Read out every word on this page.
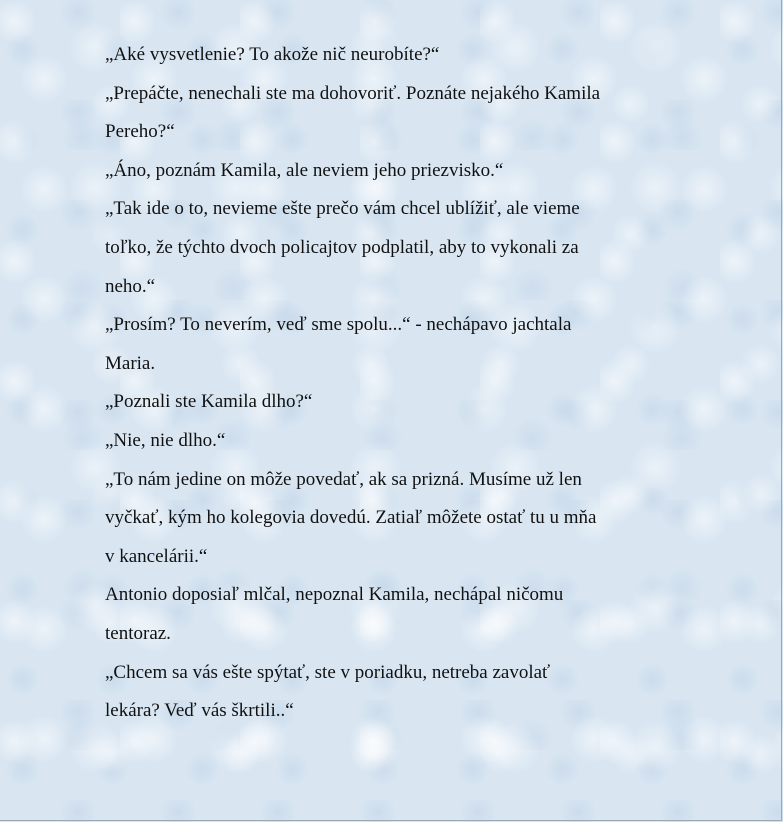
„Aké vysvetlenie? To akože nič neurobíte?“
„Prepáčte, nenechali ste ma dohovoriť. Poznáte nejakého Kamila
Pereho?“
„Áno, poznám Kamila, ale neviem jeho priezvisko.“
„Tak ide o to, nevieme ešte prečo vám chcel ublížiť, ale vieme
toľko, že týchto dvoch policajtov podplatil, aby to vykonali za
neho.“
„Prosím? To neverím, veď sme spolu...“ - nechápavo jachtala
Maria.
„Poznali ste Kamila dlho?“
„Nie, nie dlho.“
„To nám jedine on môže povedať, ak sa prizná. Musíme už len
vyčkať, kým ho kolegovia dovedú. Zatiaľ môžete ostať tu u mňa
v kancelárii.“
Antonio doposiaľ mlčal, nepoznal Kamila, nechápal ničomu
tentoraz.
„Chcem sa vás ešte spýtať, ste v poriadku, netreba zavolať
lekára? Veď vás škrtili..“
